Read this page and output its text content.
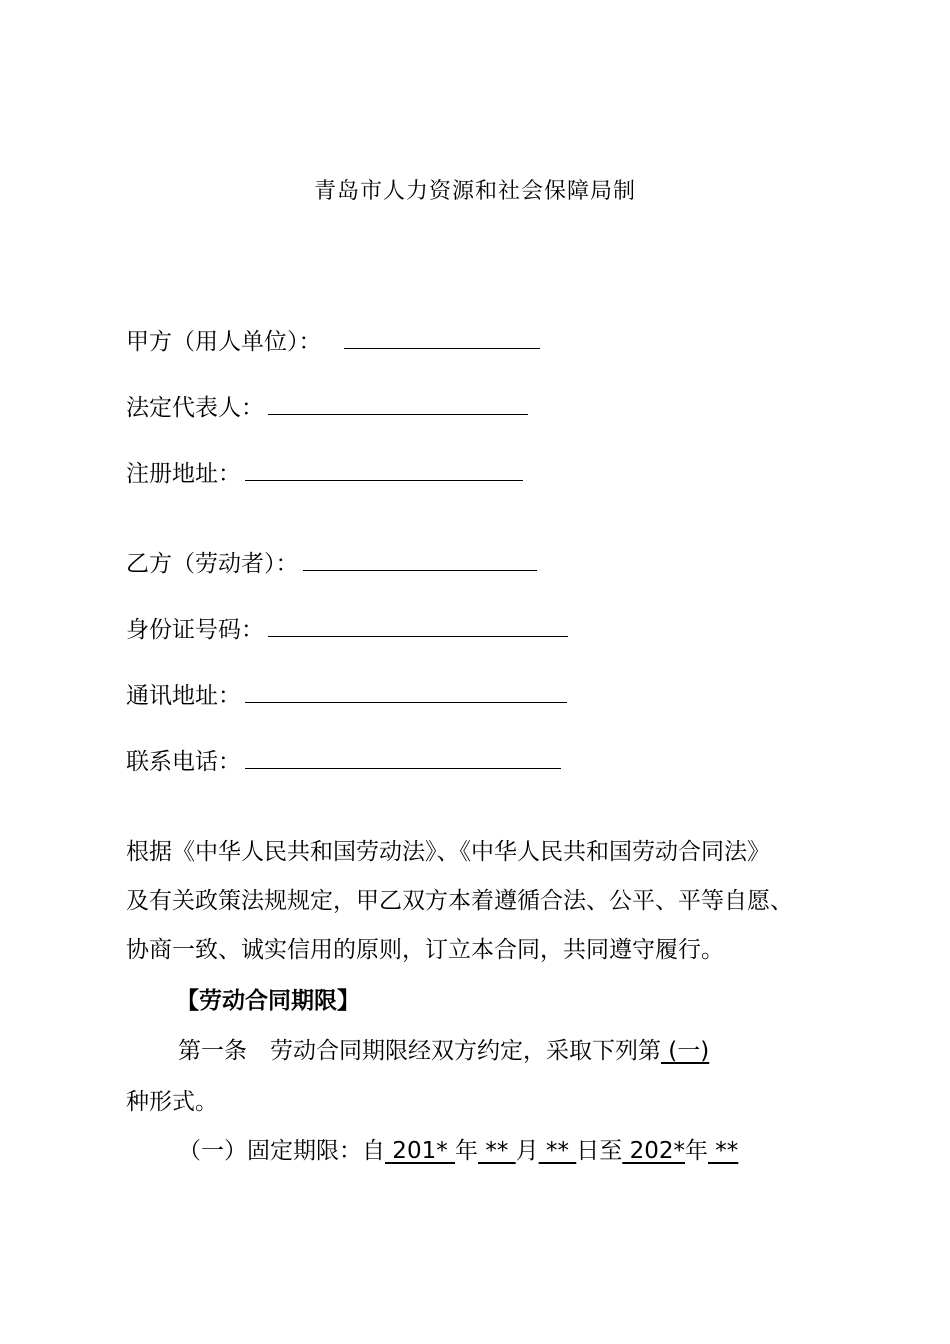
青岛市人力资源和社会保障局制
甲方（用人单位）：
法定代表人：
注册地址：
乙方（劳动者）：
身份证号码：
通讯地址：
联系电话：
根据《中华人民共和国劳动法》、《中华人民共和国劳动合同法》
及有关政策法规规定，甲乙双方本着遵循合法、公平、平等自愿、
协商一致、诚实信用的原则，订立本合同，共同遵守履行。
【劳动合同期限】
第一条　劳动合同期限经双方约定，采取下列第 (一)
种形式。
（一）固定期限：自 201* 年 ** 月 ** 日至 202*年 **
